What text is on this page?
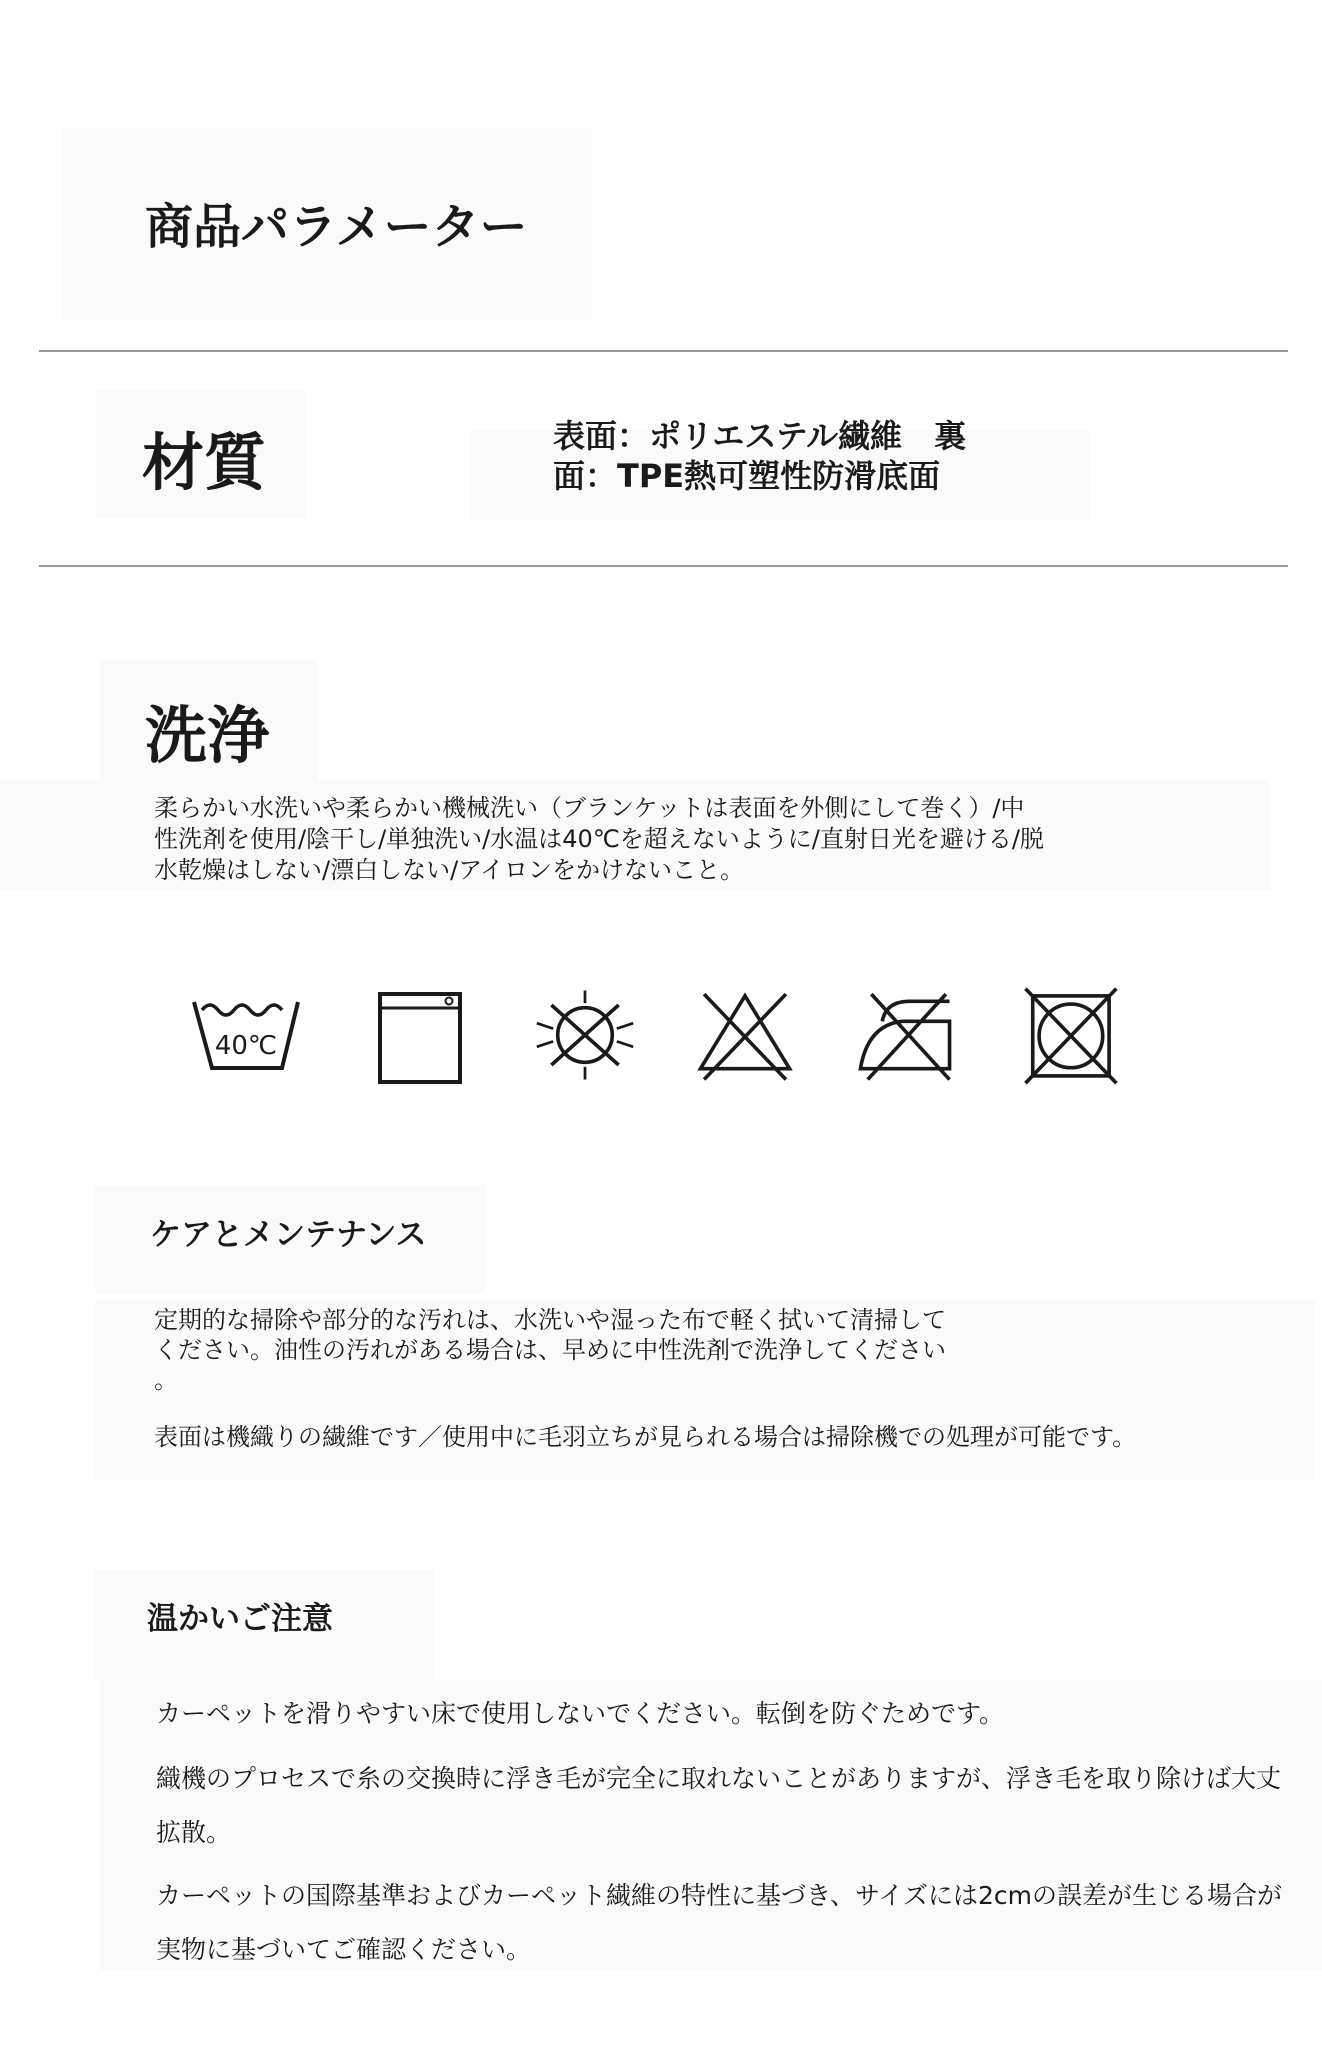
商品パラメーター
材質	表面：ポリエステル繊維　裏面：TPE熱可塑性防滑底面
洗浄
柔らかい水洗いや柔らかい機械洗い（ブランケットは表面を外側にして巻く）/中
性洗剤を使用/陰干し/単独洗い/水温は40℃を超えないように/直射日光を避ける/脱
水乾燥はしない/漂白しない/アイロンをかけないこと。
40℃
ケアとメンテナンス
定期的な掃除や部分的な汚れは、水洗いや湿った布で軽く拭いて清掃して
ください。油性の汚れがある場合は、早めに中性洗剤で洗浄してください
。
表面は機織りの繊維です／使用中に毛羽立ちが見られる場合は掃除機での処理が可能です。
温かいご注意
カーペットを滑りやすい床で使用しないでください。転倒を防ぐためです。
織機のプロセスで糸の交換時に浮き毛が完全に取れないことがありますが、浮き毛を取り除けば大丈
拡散。
カーペットの国際基準およびカーペット繊維の特性に基づき、サイズには2cmの誤差が生じる場合が
実物に基づいてご確認ください。
